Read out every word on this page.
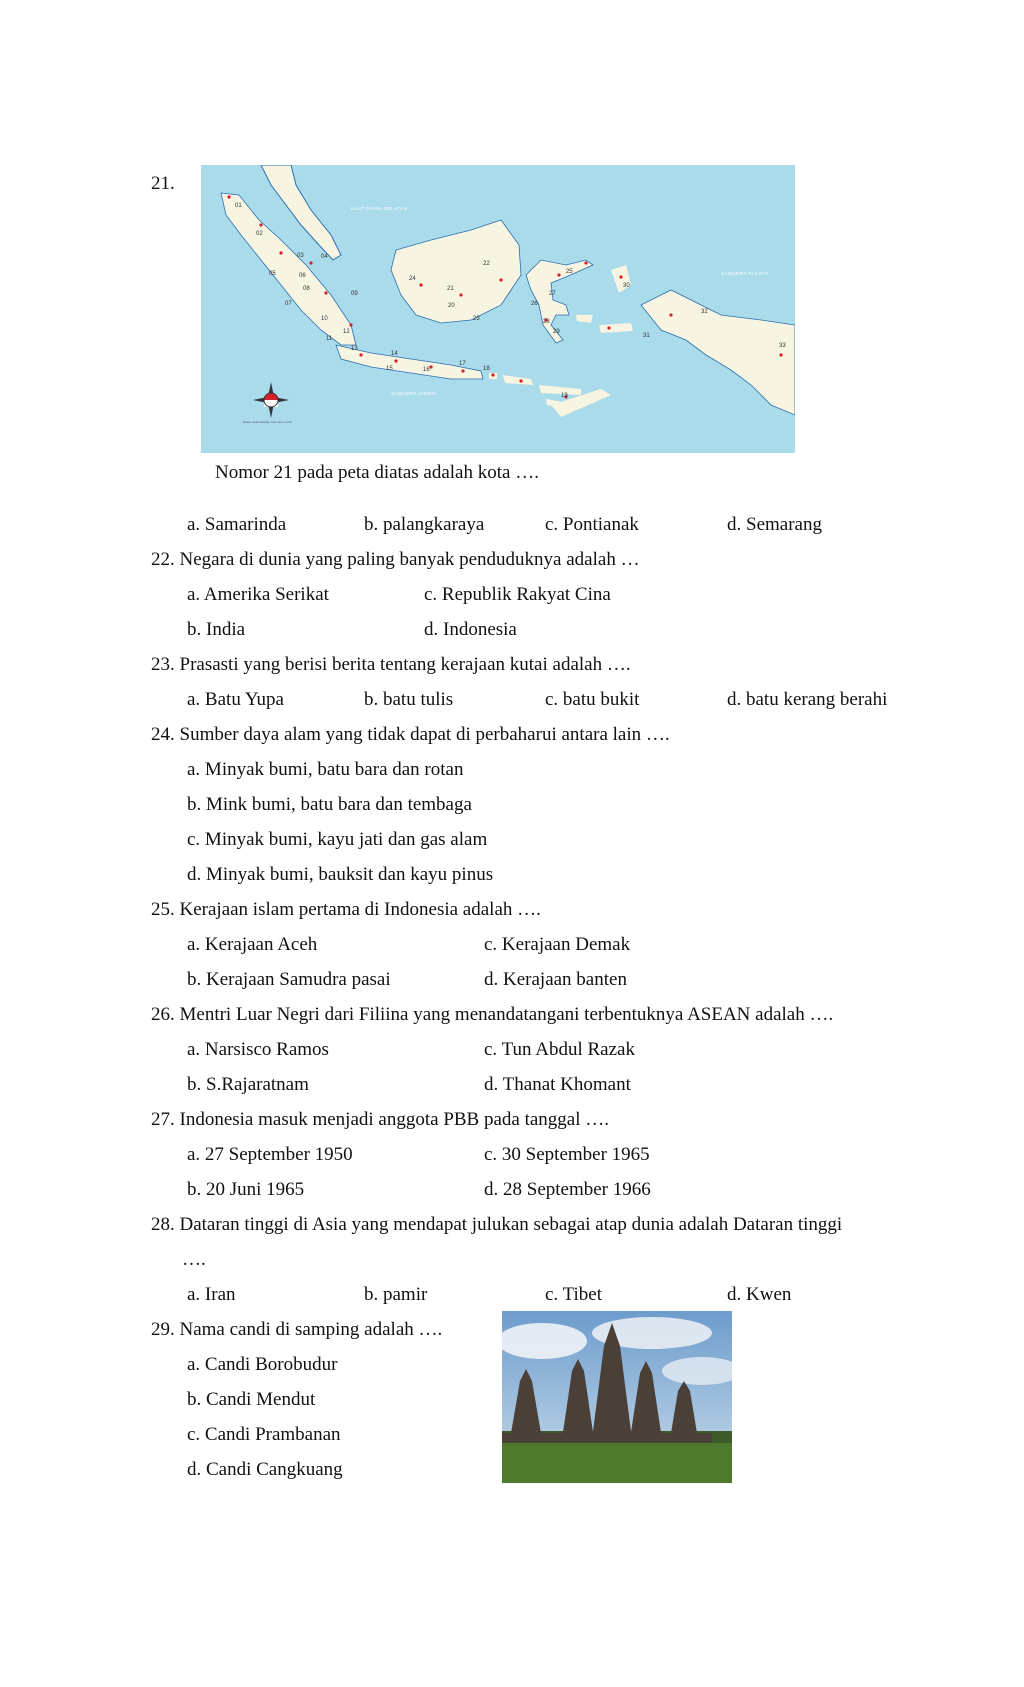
21.
01
02
03	04
05	06
07
08
09
10
11
12
13
14
15	16
17
18
19
20
21
22
23
24
25
26
27
28
29
30
31
32
33
LAUT CHINA SELATAN
SAMUDRA PASIFIK
SAMUDRA HINDIA
www.indonesia.tourism.com
Nomor 21 pada peta diatas adalah kota ….
a. Samarinda	b. palangkaraya	c. Pontianak	d. Semarang
22. Negara di dunia yang paling banyak penduduknya adalah …
a. Amerika Serikat	c. Republik Rakyat Cina
b. India	d. Indonesia
23. Prasasti yang berisi berita tentang kerajaan kutai adalah ….
a. Batu Yupa	b. batu tulis	c. batu bukit	d. batu kerang berahi
24. Sumber daya alam yang tidak dapat di perbaharui antara lain ….
a. Minyak bumi, batu bara dan rotan
b. Mink bumi, batu bara dan tembaga
c. Minyak bumi, kayu jati dan gas alam
d. Minyak bumi, bauksit dan kayu pinus
25. Kerajaan islam pertama di Indonesia adalah ….
a. Kerajaan Aceh	c. Kerajaan Demak
b. Kerajaan Samudra pasai	d. Kerajaan banten
26. Mentri Luar Negri dari Filiina yang menandatangani terbentuknya ASEAN adalah ….
a. Narsisco Ramos	c. Tun Abdul Razak
b. S.Rajaratnam	d. Thanat Khomant
27. Indonesia masuk menjadi anggota PBB pada tanggal ….
a. 27 September 1950	c. 30 September 1965
b. 20 Juni 1965	d. 28 September 1966
28. Dataran tinggi di Asia yang mendapat julukan sebagai atap dunia adalah Dataran tinggi
….
a. Iran	b. pamir	c. Tibet	d. Kwen
29. Nama candi di samping adalah ….
a. Candi Borobudur
b. Candi Mendut
c. Candi Prambanan
d. Candi Cangkuang
